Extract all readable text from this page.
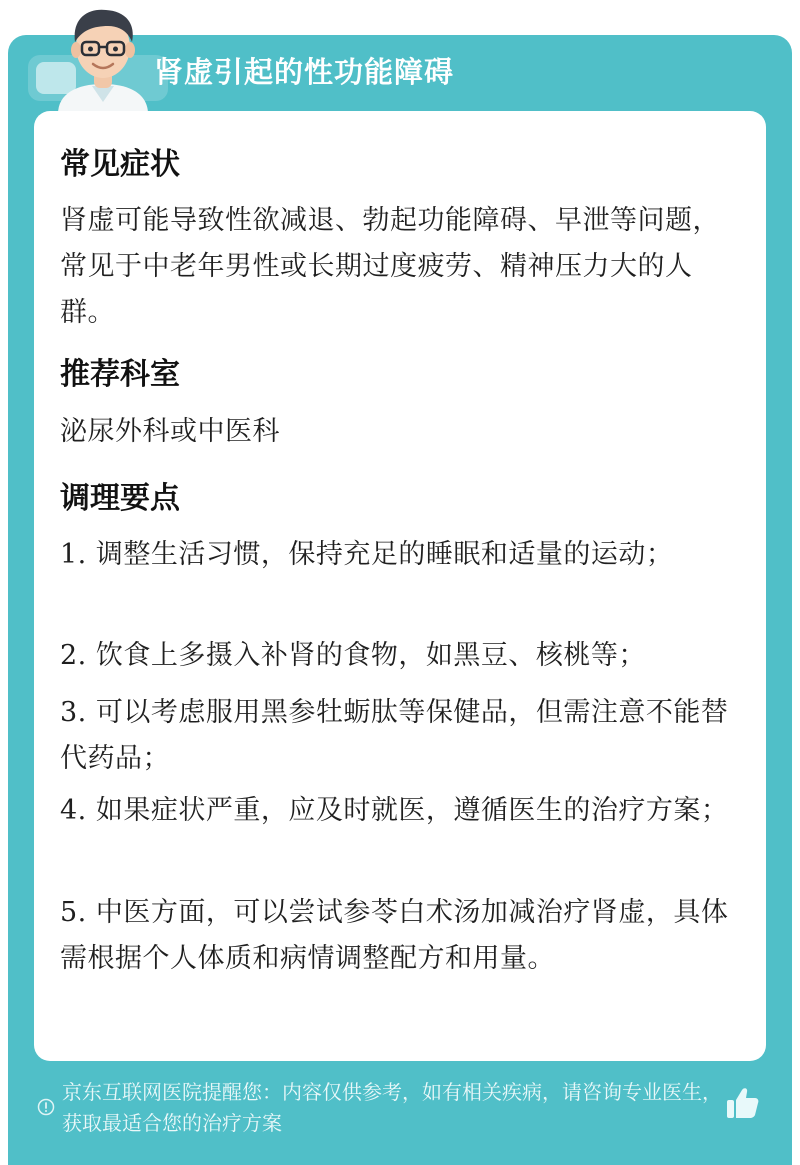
肾虚引起的性功能障碍
常见症状
肾虚可能导致性欲减退、勃起功能障碍、早泄等问题，常见于中老年男性或长期过度疲劳、精神压力大的人群。
推荐科室
泌尿外科或中医科
调理要点
1. 调整生活习惯，保持充足的睡眠和适量的运动；
2. 饮食上多摄入补肾的食物，如黑豆、核桃等；
3. 可以考虑服用黑参牡蛎肽等保健品，但需注意不能替代药品；
4. 如果症状严重，应及时就医，遵循医生的治疗方案；
5. 中医方面，可以尝试参苓白术汤加减治疗肾虚，具体需根据个人体质和病情调整配方和用量。
京东互联网医院提醒您：内容仅供参考，如有相关疾病，请咨询专业医生，获取最适合您的治疗方案
